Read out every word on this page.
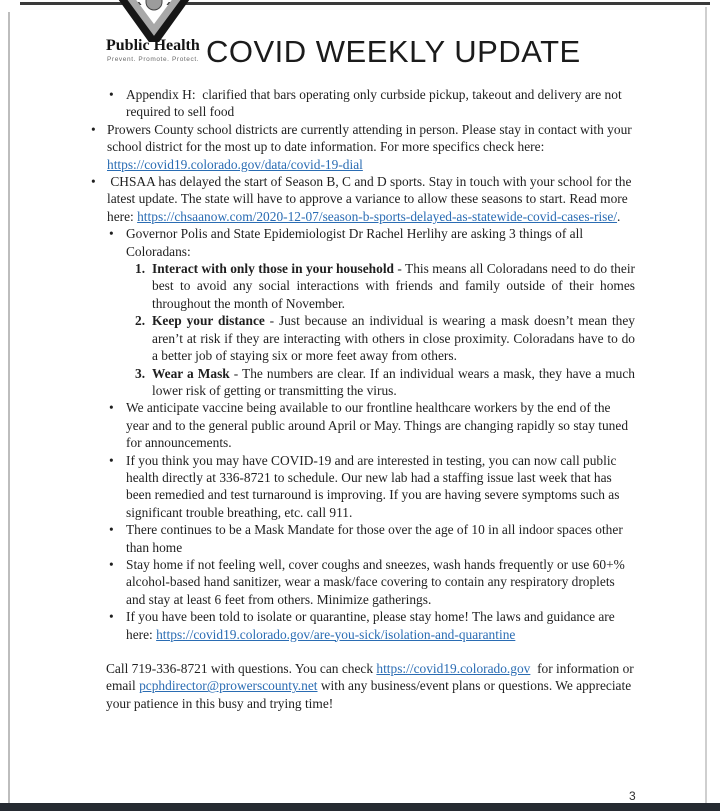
Public Health
Prevent. Promote. Protect. COVID WEEKLY UPDATE
• Appendix H:  clarified that bars operating only curbside pickup, takeout and delivery are not required to sell food
• Prowers County school districts are currently attending in person. Please stay in contact with your school district for the most up to date information. For more specifics check here: https://covid19.colorado.gov/data/covid-19-dial
• CHSAA has delayed the start of Season B, C and D sports. Stay in touch with your school for the latest update. The state will have to approve a variance to allow these seasons to start. Read more here: https://chsaanow.com/2020-12-07/season-b-sports-delayed-as-statewide-covid-cases-rise/.
• Governor Polis and State Epidemiologist Dr Rachel Herlihy are asking 3 things of all Coloradans:
1. Interact with only those in your household - This means all Coloradans need to do their best to avoid any social interactions with friends and family outside of their homes throughout the month of November.
2. Keep your distance - Just because an individual is wearing a mask doesn’t mean they aren’t at risk if they are interacting with others in close proximity. Coloradans have to do a better job of staying six or more feet away from others.
3. Wear a Mask - The numbers are clear. If an individual wears a mask, they have a much lower risk of getting or transmitting the virus.
• We anticipate vaccine being available to our frontline healthcare workers by the end of the year and to the general public around April or May. Things are changing rapidly so stay tuned for announcements.
• If you think you may have COVID-19 and are interested in testing, you can now call public health directly at 336-8721 to schedule. Our new lab had a staffing issue last week that has been remedied and test turnaround is improving. If you are having severe symptoms such as significant trouble breathing, etc. call 911.
• There continues to be a Mask Mandate for those over the age of 10 in all indoor spaces other than home
• Stay home if not feeling well, cover coughs and sneezes, wash hands frequently or use 60+% alcohol-based hand sanitizer, wear a mask/face covering to contain any respiratory droplets and stay at least 6 feet from others. Minimize gatherings.
• If you have been told to isolate or quarantine, please stay home! The laws and guidance are here: https://covid19.colorado.gov/are-you-sick/isolation-and-quarantine
Call 719-336-8721 with questions. You can check https://covid19.colorado.gov  for information or email pcphdirector@prowerscounty.net with any business/event plans or questions. We appreciate your patience in this busy and trying time!
3
